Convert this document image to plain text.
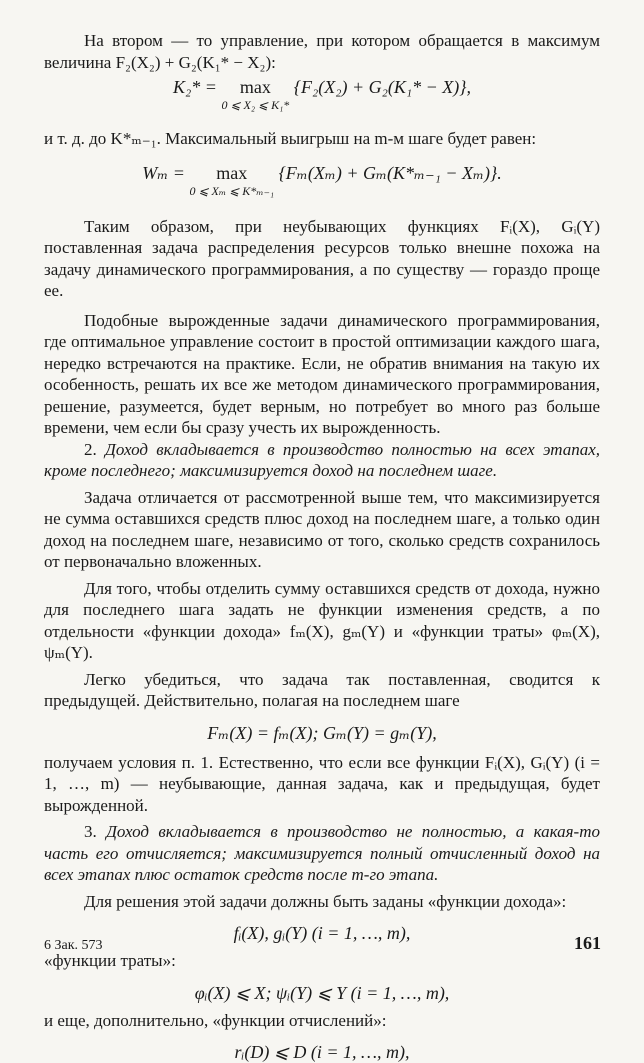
На втором — то управление, при котором обращается в максимум величина F₂(X₂) + G₂(K₁* − X₂):

K₂* = max
0 ⩽ X₂ ⩽ K₁*
{F₂(X₂) + G₂(K₁* − X)},

и т. д. до K*ₘ₋₁. Максимальный выигрыш на m-м шаге будет равен:

Wₘ = max
0 ⩽ Xₘ ⩽ K*ₘ₋₁
{Fₘ(Xₘ) + Gₘ(K*ₘ₋₁ − Xₘ)}.

Таким образом, при неубывающих функциях Fᵢ(X), Gᵢ(Y) поставленная задача распределения ресурсов только внешне похожа на задачу динамического программирования, а по существу — гораздо проще ее.

Подобные вырожденные задачи динамического программирования, где оптимальное управление состоит в простой оптимизации каждого шага, нередко встречаются на практике. Если, не обратив внимания на такую их особенность, решать их все же методом динамического программирования, решение, разумеется, будет верным, но потребует во много раз больше времени, чем если бы сразу учесть их вырожденность.

2. Доход вкладывается в производство полностью на всех этапах, кроме последнего; максимизируется доход на последнем шаге.

Задача отличается от рассмотренной выше тем, что максимизируется не сумма оставшихся средств плюс доход на последнем шаге, а только один доход на последнем шаге, независимо от того, сколько средств сохранилось от первоначально вложенных.

Для того, чтобы отделить сумму оставшихся средств от дохода, нужно для последнего шага задать не функции изменения средств, а по отдельности «функции дохода» fₘ(X), gₘ(Y) и «функции траты» φₘ(X), ψₘ(Y).

Легко убедиться, что задача так поставленная, сводится к предыдущей. Действительно, полагая на последнем шаге

Fₘ(X) = fₘ(X); Gₘ(Y) = gₘ(Y),

получаем условия п. 1. Естественно, что если все функции Fᵢ(X), Gᵢ(Y) (i = 1, …, m) — неубывающие, данная задача, как и предыдущая, будет вырожденной.

3. Доход вкладывается в производство не полностью, а какая-то часть его отчисляется; максимизируется полный отчисленный доход на всех этапах плюс остаток средств после m-го этапа.

Для решения этой задачи должны быть заданы «функции дохода»:

fᵢ(X), gᵢ(Y) (i = 1, …, m),

«функции траты»:

φᵢ(X) ⩽ X; ψᵢ(Y) ⩽ Y (i = 1, …, m),

и еще, дополнительно, «функции отчислений»:

rᵢ(D) ⩽ D (i = 1, …, m),

6 Зак. 573	161
